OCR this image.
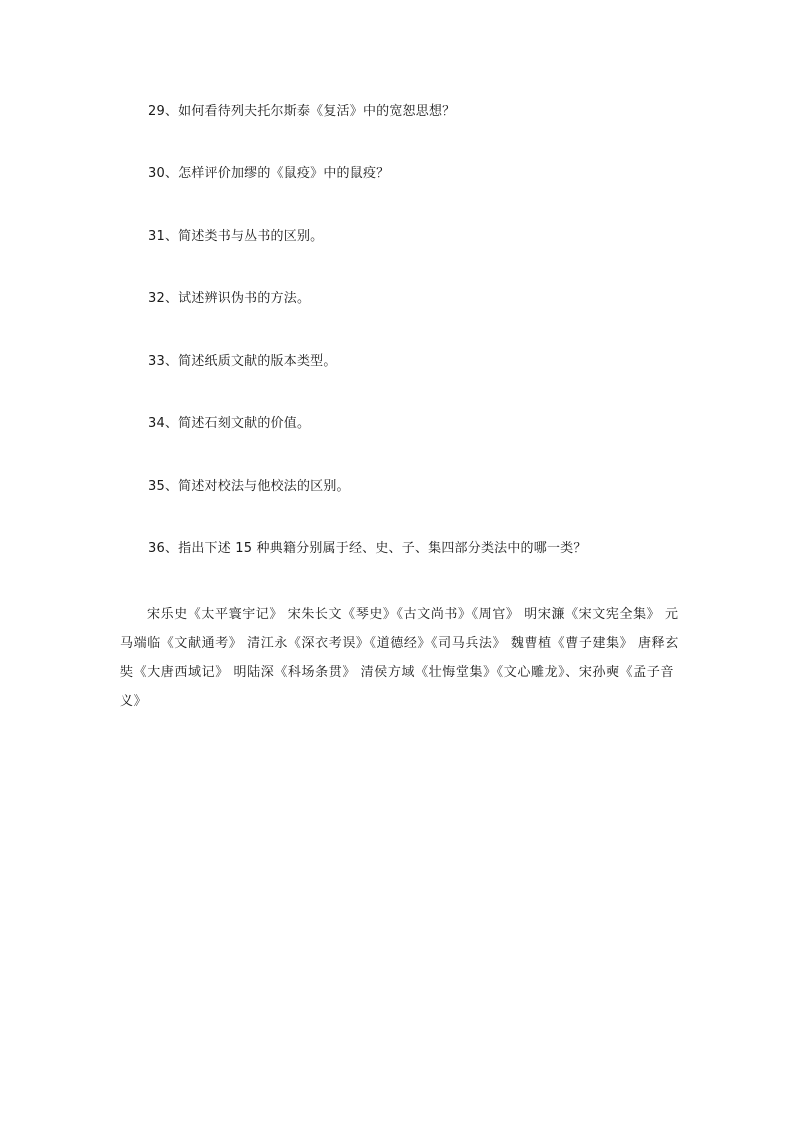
29、如何看待列夫托尔斯泰《复活》中的宽恕思想？
30、怎样评价加缪的《鼠疫》中的鼠疫？
31、简述类书与丛书的区别。
32、试述辨识伪书的方法。
33、简述纸质文献的版本类型。
34、简述石刻文献的价值。
35、简述对校法与他校法的区别。
36、指出下述 15 种典籍分别属于经、史、子、集四部分类法中的哪一类？

宋乐史《太平寰宇记》 宋朱长文《琴史》《古文尚书》《周官》 明宋濂《宋文宪全集》 元马端临《文献通考》 清江永《深衣考误》《道德经》《司马兵法》 魏曹植《曹子建集》 唐释玄奘《大唐西域记》 明陆深《科场条贯》 清侯方域《壮悔堂集》《文心雕龙》、宋孙奭《孟子音义》
